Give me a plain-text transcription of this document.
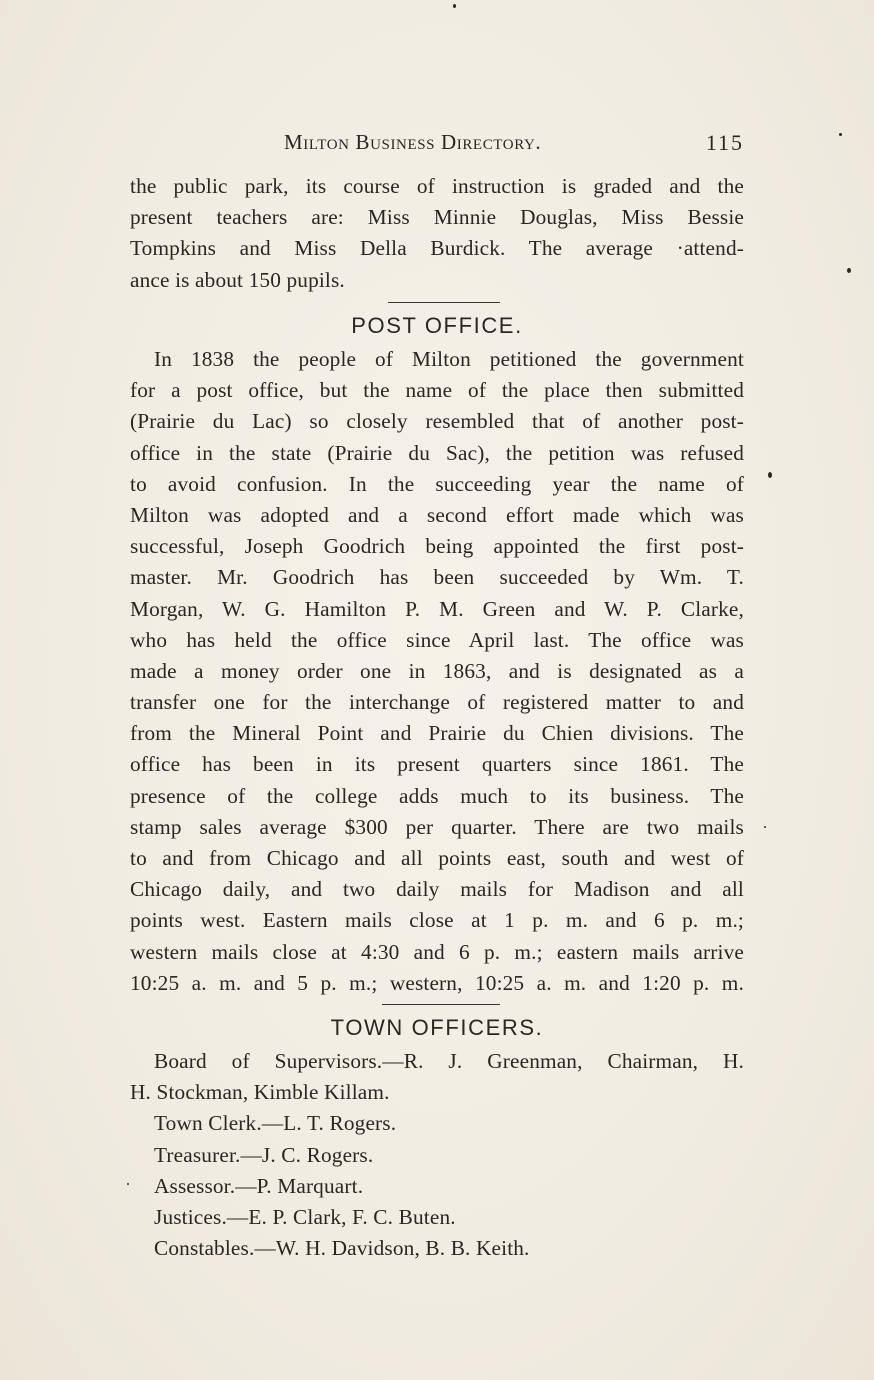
Milton Business Directory.	115
the public park, its course of instruction is graded and the
present teachers are: Miss Minnie Douglas, Miss Bessie
Tompkins and Miss Della Burdick. The average ·attend-
ance is about 150 pupils.
POST OFFICE.
In 1838 the people of Milton petitioned the government
for a post office, but the name of the place then submitted
(Prairie du Lac) so closely resembled that of another post-
office in the state (Prairie du Sac), the petition was refused
to avoid confusion. In the succeeding year the name of
Milton was adopted and a second effort made which was
successful, Joseph Goodrich being appointed the first post-
master. Mr. Goodrich has been succeeded by Wm. T.
Morgan, W. G. Hamilton P. M. Green and W. P. Clarke,
who has held the office since April last. The office was
made a money order one in 1863, and is designated as a
transfer one for the interchange of registered matter to and
from the Mineral Point and Prairie du Chien divisions. The
office has been in its present quarters since 1861. The
presence of the college adds much to its business. The
stamp sales average $300 per quarter. There are two mails
to and from Chicago and all points east, south and west of
Chicago daily, and two daily mails for Madison and all
points west. Eastern mails close at 1 p. m. and 6 p. m.;
western mails close at 4:30 and 6 p. m.; eastern mails arrive
10:25 a. m. and 5 p. m.; western, 10:25 a. m. and 1:20 p. m.
TOWN OFFICERS.
Board of Supervisors.—R. J. Greenman, Chairman, H.
H. Stockman, Kimble Killam.
Town Clerk.—L. T. Rogers.
Treasurer.—J. C. Rogers.
Assessor.—P. Marquart.
Justices.—E. P. Clark, F. C. Buten.
Constables.—W. H. Davidson, B. B. Keith.
